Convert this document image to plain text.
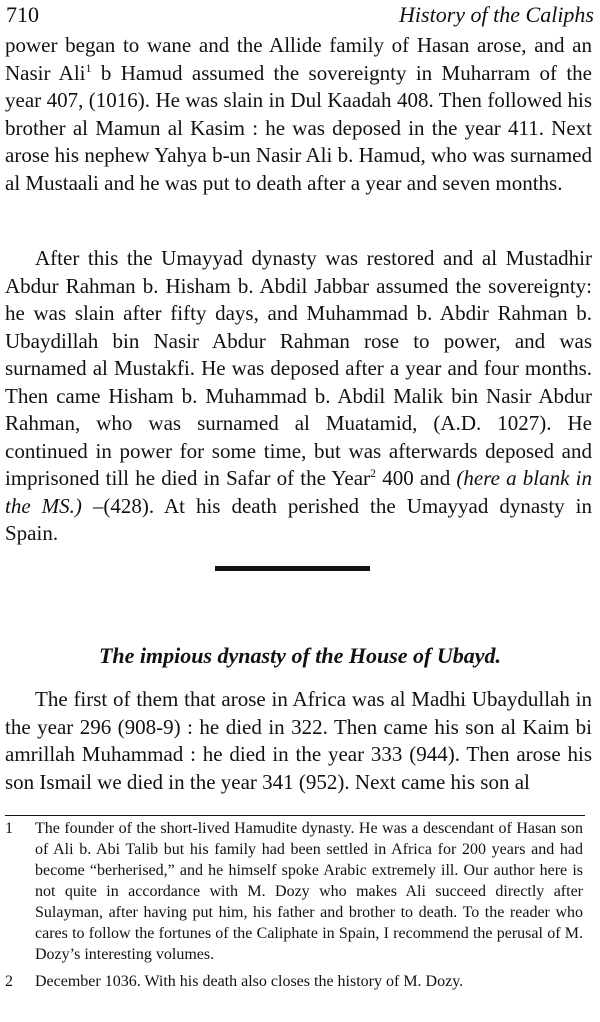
710	History of the Caliphs

power began to wane and the Allide family of Hasan arose, and an Nasir Ali$^1$ b Hamud assumed the sovereignty in Muharram of the year 407, (1016). He was slain in Dul Kaadah 408. Then followed his brother al Mamun al Kasim : he was deposed in the year 411. Next arose his nephew Yahya b-un Nasir Ali b. Hamud, who was surnamed al Mustaali and he was put to death after a year and seven months.

After this the Umayyad dynasty was restored and al Mustadhir Abdur Rahman b. Hisham b. Abdil Jabbar assumed the sovereignty: he was slain after fifty days, and Muhammad b. Abdir Rahman b. Ubaydillah bin Nasir Abdur Rahman rose to power, and was surnamed al Mustakfi. He was deposed after a year and four months. Then came Hisham b. Muhammad b. Abdil Malik bin Nasir Abdur Rahman, who was surnamed al Muatamid, (A.D. 1027). He continued in power for some time, but was afterwards deposed and imprisoned till he died in Safar of the Year$^2$ 400 and (here a blank in the MS.) –(428). At his death perished the Umayyad dynasty in Spain.

The impious dynasty of the House of Ubayd.

The first of them that arose in Africa was al Madhi Ubaydullah in the year 296 (908-9) : he died in 322. Then came his son al Kaim bi amrillah Muhammad : he died in the year 333 (944). Then arose his son Ismail we died in the year 341 (952). Next came his son al

1 The founder of the short-lived Hamudite dynasty. He was a descendant of Hasan son of Ali b. Abi Talib but his family had been settled in Africa for 200 years and had become “berherised,” and he himself spoke Arabic extremely ill. Our author here is not quite in accordance with M. Dozy who makes Ali succeed directly after Sulayman, after having put him, his father and brother to death. To the reader who cares to follow the fortunes of the Caliphate in Spain, I recommend the perusal of M. Dozy’s interesting volumes.
2 December 1036. With his death also closes the history of M. Dozy.
